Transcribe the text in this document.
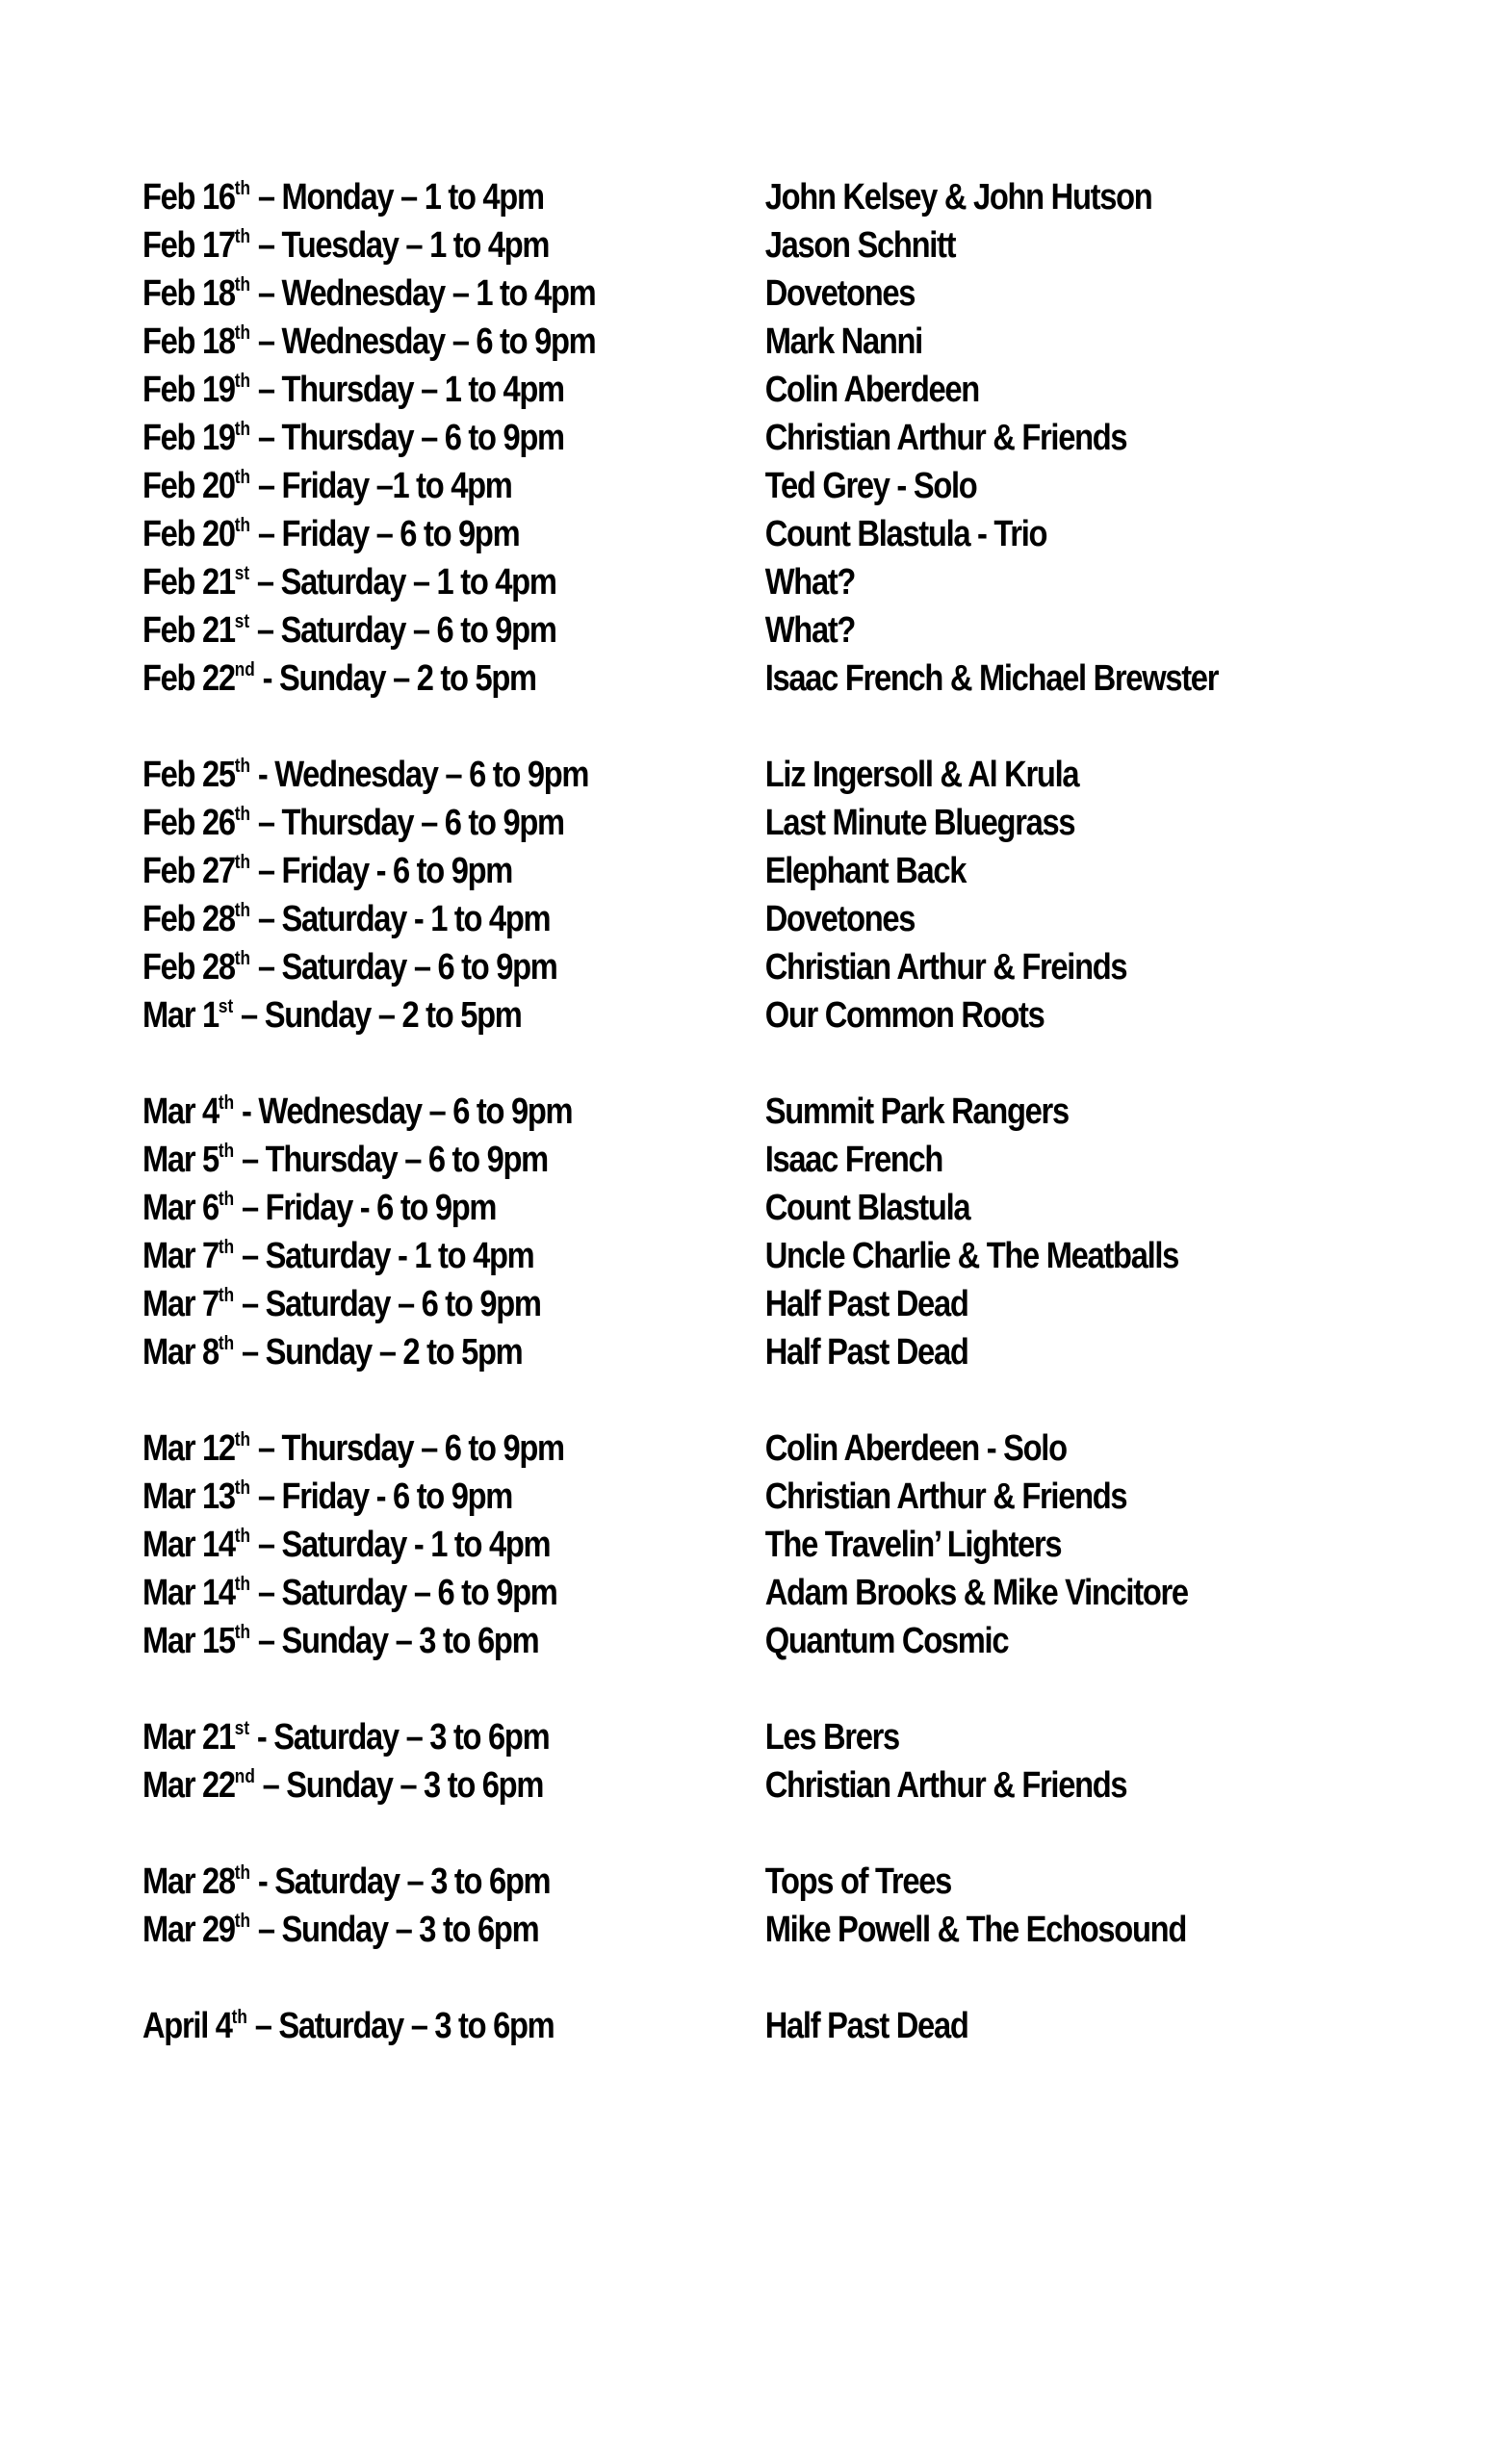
Feb 16th – Monday – 1 to 4pm	John Kelsey & John Hutson
Feb 17th – Tuesday – 1 to 4pm	Jason Schnitt
Feb 18th – Wednesday – 1 to 4pm	Dovetones
Feb 18th – Wednesday – 6 to 9pm	Mark Nanni
Feb 19th – Thursday – 1 to 4pm	Colin Aberdeen
Feb 19th – Thursday – 6 to 9pm	Christian Arthur & Friends
Feb 20th – Friday –1 to 4pm	Ted Grey - Solo
Feb 20th – Friday – 6 to 9pm	Count Blastula - Trio
Feb 21st – Saturday – 1 to 4pm	What?
Feb 21st – Saturday – 6 to 9pm	What?
Feb 22nd - Sunday – 2 to 5pm	Isaac French & Michael Brewster
Feb 25th - Wednesday – 6 to 9pm	Liz Ingersoll & Al Krula
Feb 26th – Thursday – 6 to 9pm	Last Minute Bluegrass
Feb 27th – Friday - 6 to 9pm	Elephant Back
Feb 28th – Saturday - 1 to 4pm	Dovetones
Feb 28th – Saturday – 6 to 9pm	Christian Arthur & Freinds
Mar 1st – Sunday – 2 to 5pm	Our Common Roots
Mar 4th - Wednesday – 6 to 9pm	Summit Park Rangers
Mar 5th – Thursday – 6 to 9pm	Isaac French
Mar 6th – Friday - 6 to 9pm	Count Blastula
Mar 7th – Saturday - 1 to 4pm	Uncle Charlie & The Meatballs
Mar 7th – Saturday – 6 to 9pm	Half Past Dead
Mar 8th – Sunday – 2 to 5pm	Half Past Dead
Mar 12th – Thursday – 6 to 9pm	Colin Aberdeen - Solo
Mar 13th – Friday - 6 to 9pm	Christian Arthur & Friends
Mar 14th – Saturday - 1 to 4pm	The Travelin’ Lighters
Mar 14th – Saturday – 6 to 9pm	Adam Brooks & Mike Vincitore
Mar 15th – Sunday – 3 to 6pm	Quantum Cosmic
Mar 21st - Saturday – 3 to 6pm	Les Brers
Mar 22nd – Sunday – 3 to 6pm	Christian Arthur & Friends
Mar 28th - Saturday – 3 to 6pm	Tops of Trees
Mar 29th – Sunday – 3 to 6pm	Mike Powell & The Echosound
April 4th – Saturday – 3 to 6pm	Half Past Dead
